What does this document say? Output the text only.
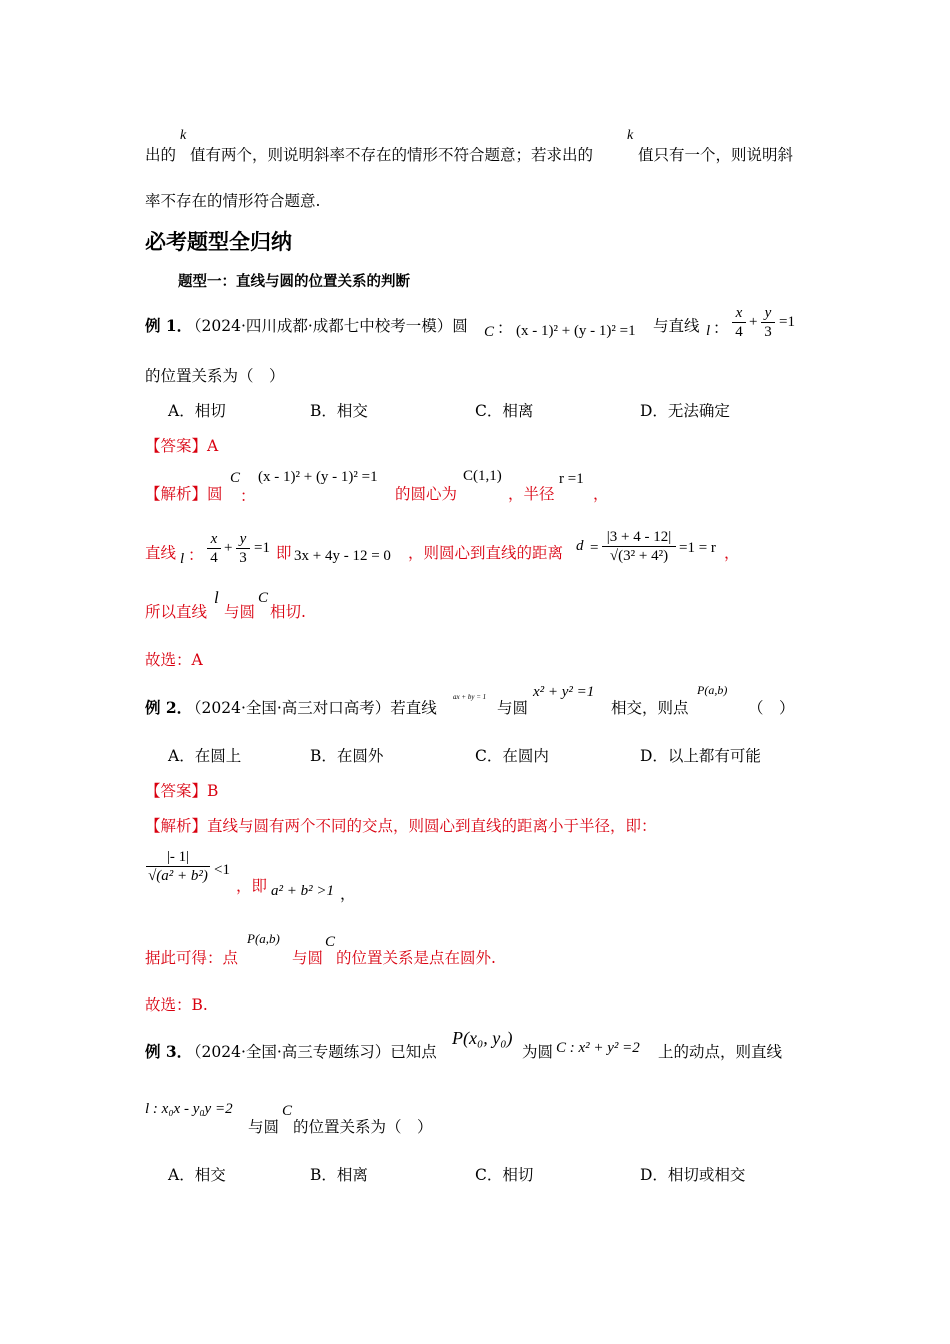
k
出的 值有两个，则说明斜率不存在的情形不符合题意；若求出的
k
值只有一个，则说明斜
率不存在的情形符合题意.
必考题型全归纳
题型一：直线与圆的位置关系的判断
例 1．
（2024·四川成都·成都七中校考一模）圆 C ： (x - 1)² + (y - 1)² =1 与直线 l ：
x
4
+
y
3
=1
的位置关系为（　）
A．相切	B．相交	C．相离	D．无法确定
【答案】A
【解析】圆
C
：
(x - 1)² + (y - 1)² =1
的圆心为
C(1,1)
，半径
r =1
，
直线 l ：
x
4
+
y
3
=1 即 3x + 4y - 12 = 0 ，则圆心到直线的距离 d =
|3 + 4 - 12|
√(3² + 4²) =1 = r ，
所以直线
l
与圆
C
相切.
故选：A
例 2．
（2024·全国·高三对口高考）若直线
ax + by = 1
与圆
x² + y² =1
相交，则点
P(a,b)
（　）
A．在圆上	B．在圆外	C．在圆内	D．以上都有可能
【答案】B
【解析】直线与圆有两个不同的交点，则圆心到直线的距离小于半径，即：
|- 1|
√(a² + b²) <1
，即 a² + b² >1 ，
据此可得：点
P(a,b)
与圆
C
的位置关系是点在圆外.
故选：B.
例 3．
（2024·全国·高三专题练习）已知点
P(x₀, y₀)
为圆 C : x² + y² =2 上的动点，则直线
l : x₀x - y₀y =2
与圆
C
的位置关系为（　）
A．相交	B．相离	C．相切	D．相切或相交
